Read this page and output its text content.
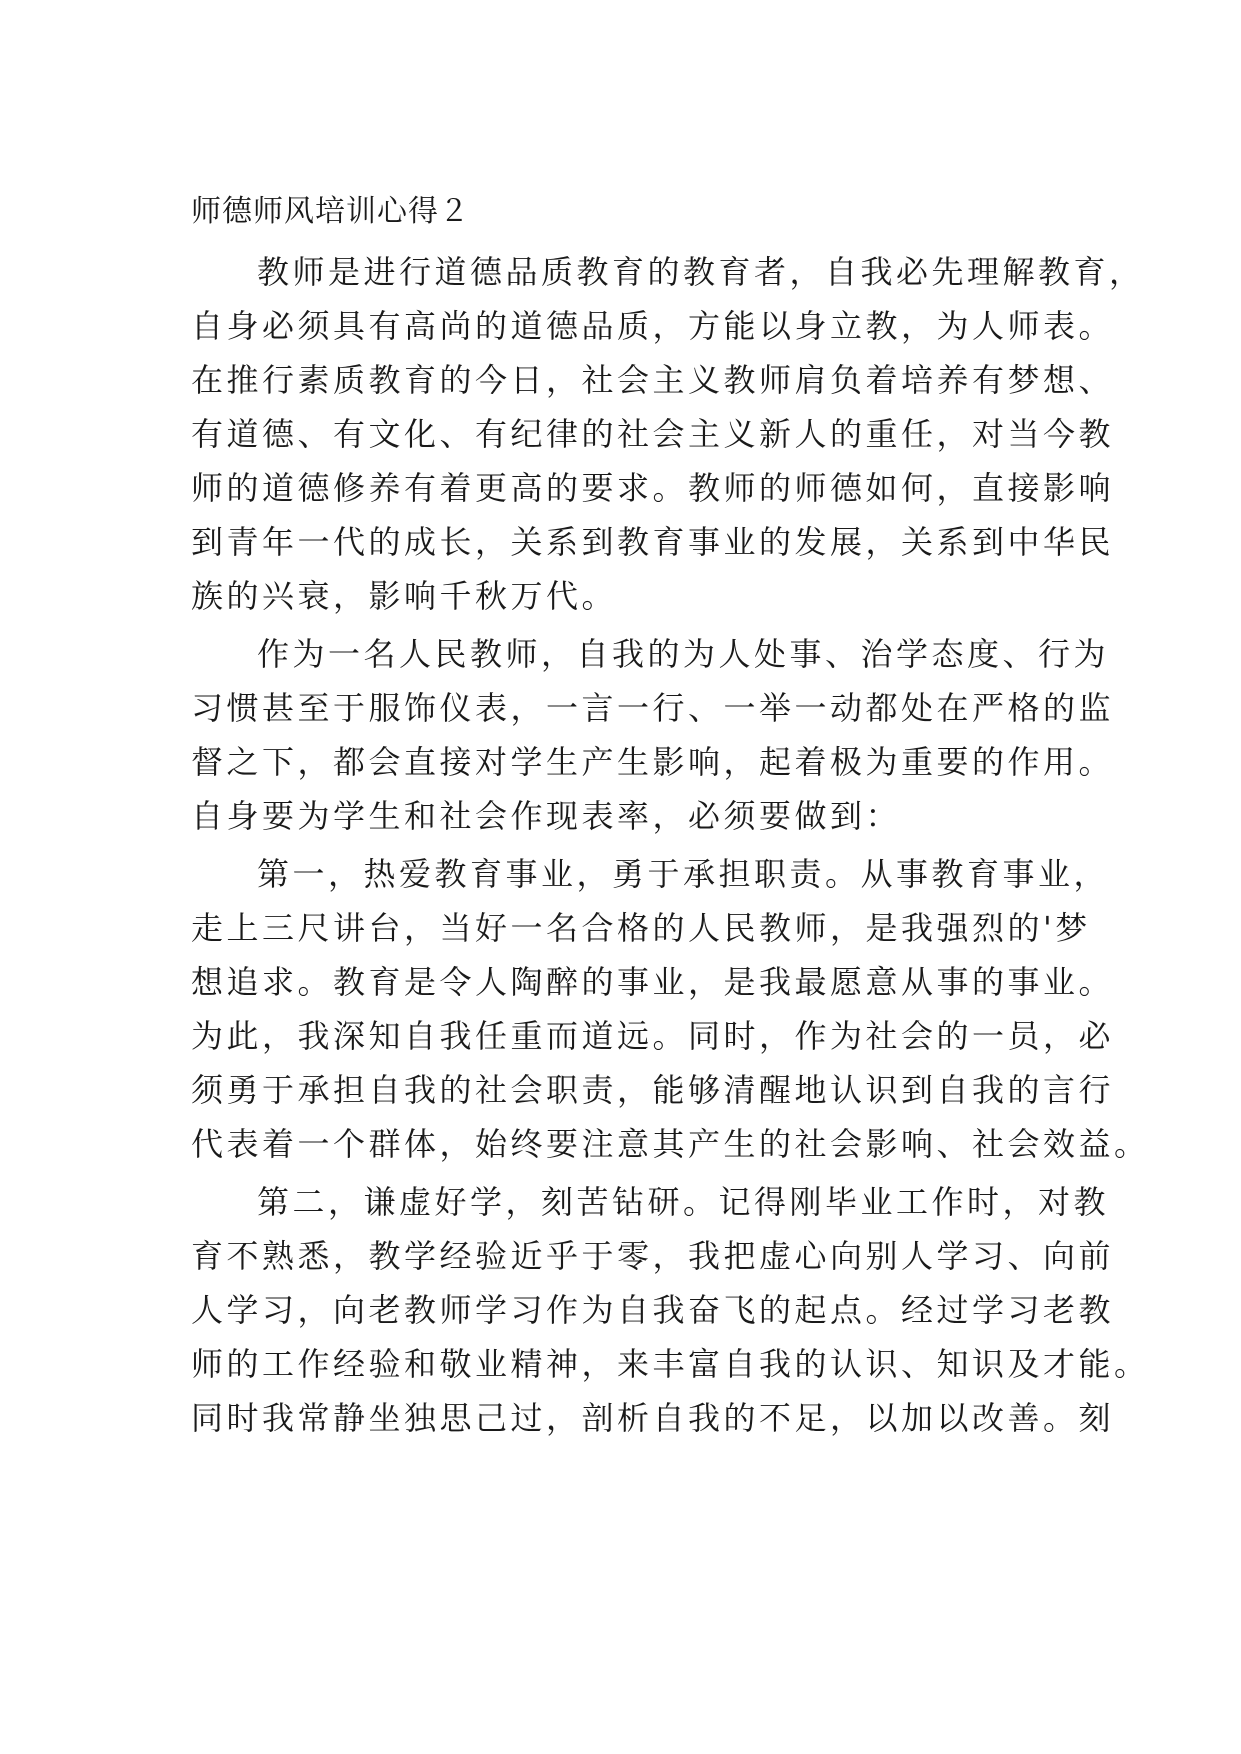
师德师风培训心得２
教师是进行道德品质教育的教育者，自我必先理解教育，
自身必须具有高尚的道德品质，方能以身立教，为人师表。
在推行素质教育的今日，社会主义教师肩负着培养有梦想、
有道德、有文化、有纪律的社会主义新人的重任，对当今教
师的道德修养有着更高的要求。教师的师德如何，直接影响
到青年一代的成长，关系到教育事业的发展，关系到中华民
族的兴衰，影响千秋万代。
作为一名人民教师，自我的为人处事、治学态度、行为
习惯甚至于服饰仪表，一言一行、一举一动都处在严格的监
督之下，都会直接对学生产生影响，起着极为重要的作用。
自身要为学生和社会作现表率，必须要做到：
第一，热爱教育事业，勇于承担职责。从事教育事业，
走上三尺讲台，当好一名合格的人民教师，是我强烈的'梦
想追求。教育是令人陶醉的事业，是我最愿意从事的事业。
为此，我深知自我任重而道远。同时，作为社会的一员，必
须勇于承担自我的社会职责，能够清醒地认识到自我的言行
代表着一个群体，始终要注意其产生的社会影响、社会效益。
第二，谦虚好学，刻苦钻研。记得刚毕业工作时，对教
育不熟悉，教学经验近乎于零，我把虚心向别人学习、向前
人学习，向老教师学习作为自我奋飞的起点。经过学习老教
师的工作经验和敬业精神，来丰富自我的认识、知识及才能。
同时我常静坐独思己过，剖析自我的不足，以加以改善。刻
